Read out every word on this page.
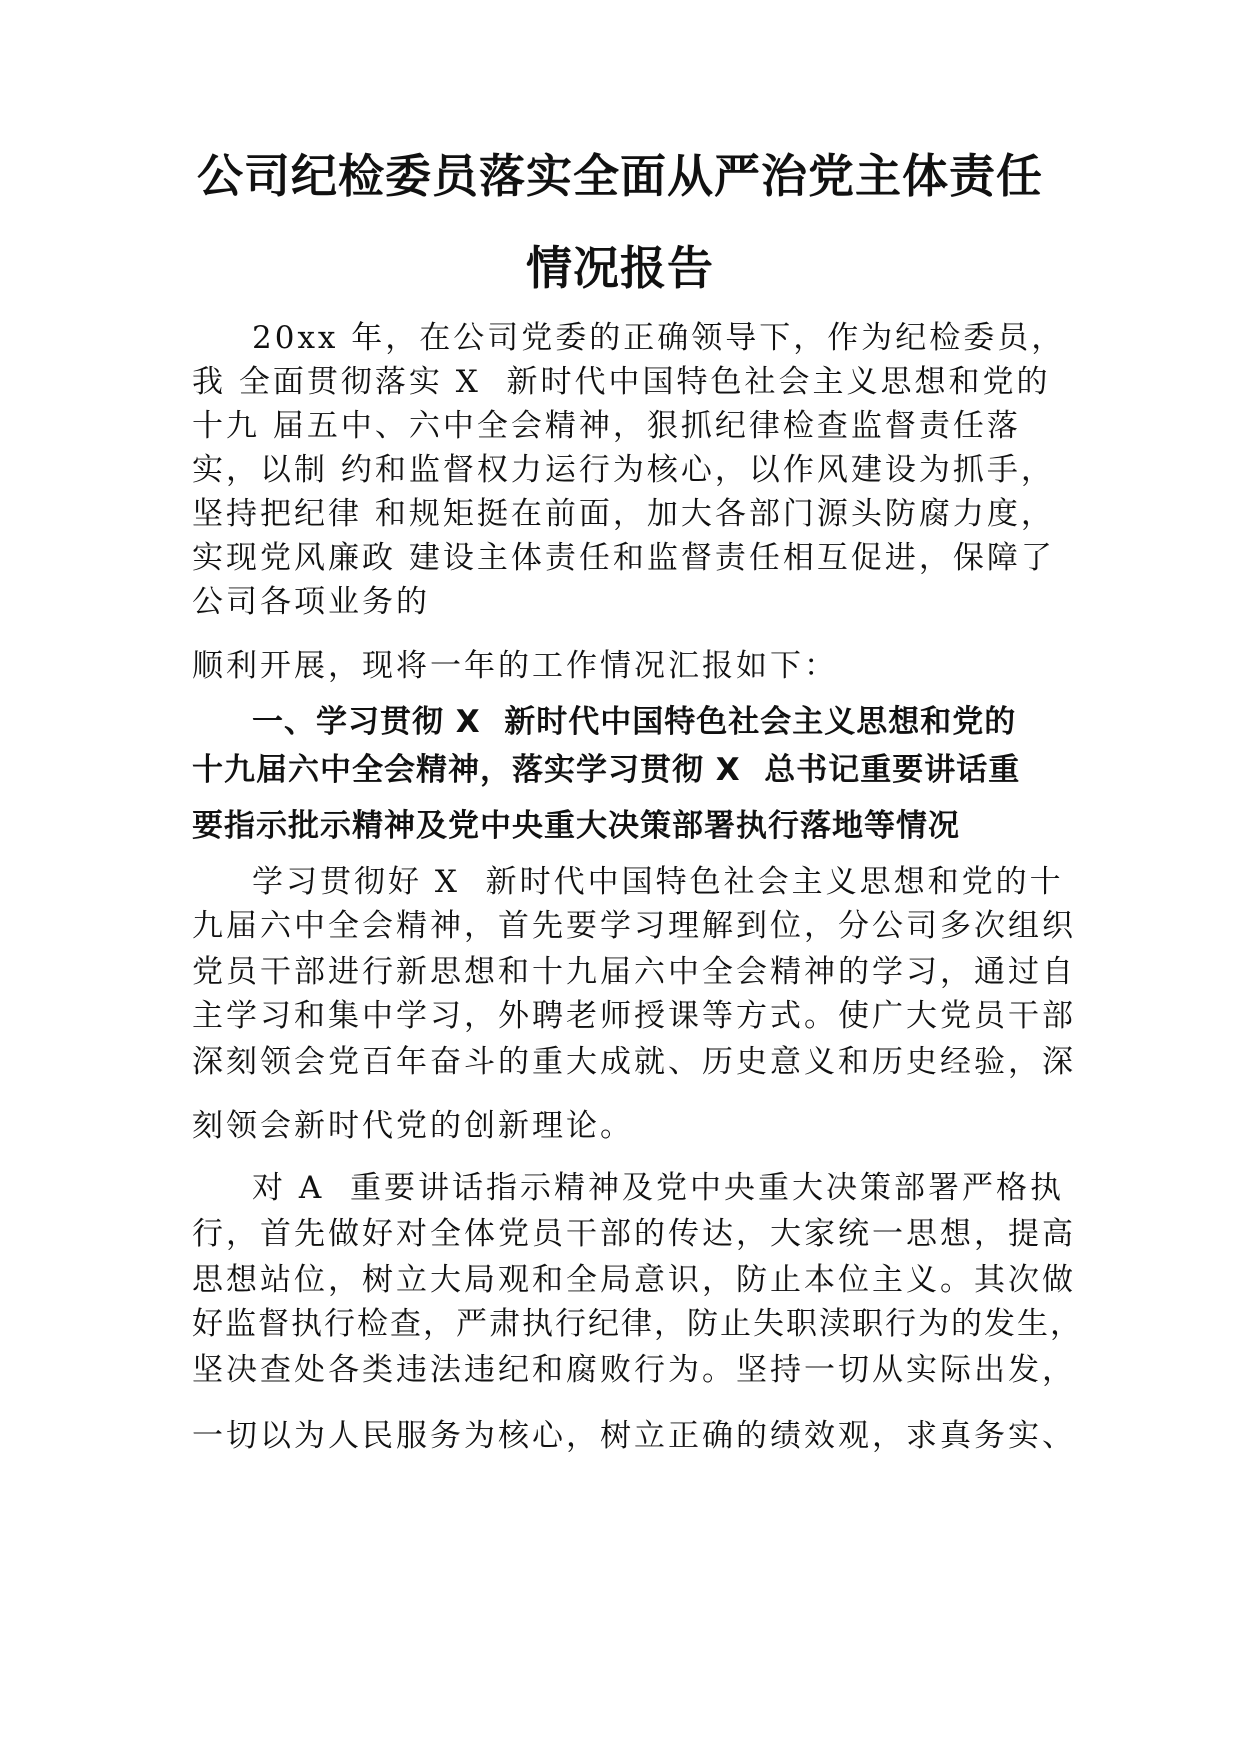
公司纪检委员落实全面从严治党主体责任
情况报告
20xx 年，在公司党委的正确领导下，作为纪检委员，
我 全面贯彻落实 X  新时代中国特色社会主义思想和党的
十九 届五中、六中全会精神，狠抓纪律检查监督责任落
实，以制 约和监督权力运行为核心，以作风建设为抓手，
坚持把纪律 和规矩挺在前面，加大各部门源头防腐力度，
实现党风廉政 建设主体责任和监督责任相互促进，保障了
公司各项业务的
顺利开展，现将一年的工作情况汇报如下：
一、学习贯彻 X  新时代中国特色社会主义思想和党的
十九届六中全会精神，落实学习贯彻 X  总书记重要讲话重
要指示批示精神及党中央重大决策部署执行落地等情况
学习贯彻好 X  新时代中国特色社会主义思想和党的十
九届六中全会精神，首先要学习理解到位，分公司多次组织
党员干部进行新思想和十九届六中全会精神的学习，通过自
主学习和集中学习，外聘老师授课等方式。使广大党员干部
深刻领会党百年奋斗的重大成就、历史意义和历史经验，深
刻领会新时代党的创新理论。
对 A  重要讲话指示精神及党中央重大决策部署严格执
行，首先做好对全体党员干部的传达，大家统一思想，提高
思想站位，树立大局观和全局意识，防止本位主义。其次做
好监督执行检查，严肃执行纪律，防止失职渎职行为的发生，
坚决查处各类违法违纪和腐败行为。坚持一切从实际出发，
一切以为人民服务为核心，树立正确的绩效观，求真务实、
